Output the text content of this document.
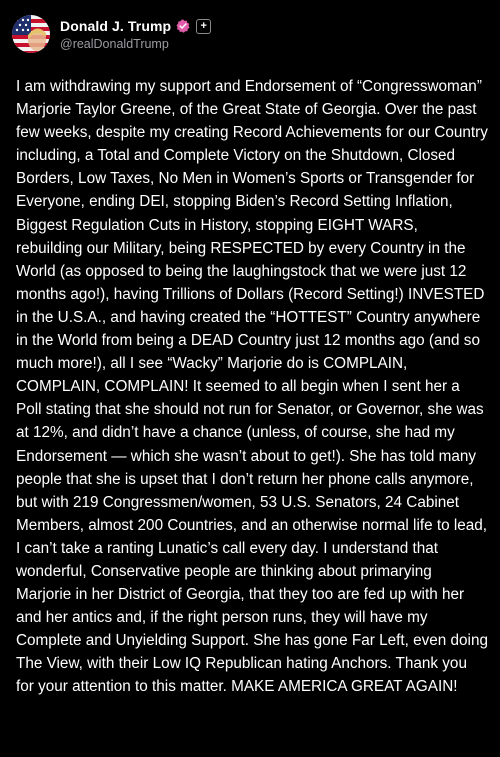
Donald J. Trump	+
@realDonaldTrump

I am withdrawing my support and Endorsement of “Congresswoman” Marjorie Taylor Greene, of the Great State of Georgia. Over the past few weeks, despite my creating Record Achievements for our Country including, a Total and Complete Victory on the Shutdown, Closed Borders, Low Taxes, No Men in Women’s Sports or Transgender for Everyone, ending DEI, stopping Biden’s Record Setting Inflation, Biggest Regulation Cuts in History, stopping EIGHT WARS, rebuilding our Military, being RESPECTED by every Country in the World (as opposed to being the laughingstock that we were just 12 months ago!), having Trillions of Dollars (Record Setting!) INVESTED in the U.S.A., and having created the “HOTTEST” Country anywhere in the World from being a DEAD Country just 12 months ago (and so much more!), all I see “Wacky” Marjorie do is COMPLAIN, COMPLAIN, COMPLAIN! It seemed to all begin when I sent her a Poll stating that she should not run for Senator, or Governor, she was at 12%, and didn’t have a chance (unless, of course, she had my Endorsement — which she wasn’t about to get!). She has told many people that she is upset that I don’t return her phone calls anymore, but with 219 Congressmen/women, 53 U.S. Senators, 24 Cabinet Members, almost 200 Countries, and an otherwise normal life to lead, I can’t take a ranting Lunatic’s call every day. I understand that wonderful, Conservative people are thinking about primarying Marjorie in her District of Georgia, that they too are fed up with her and her antics and, if the right person runs, they will have my Complete and Unyielding Support. She has gone Far Left, even doing The View, with their Low IQ Republican hating Anchors. Thank you for your attention to this matter. MAKE AMERICA GREAT AGAIN!
